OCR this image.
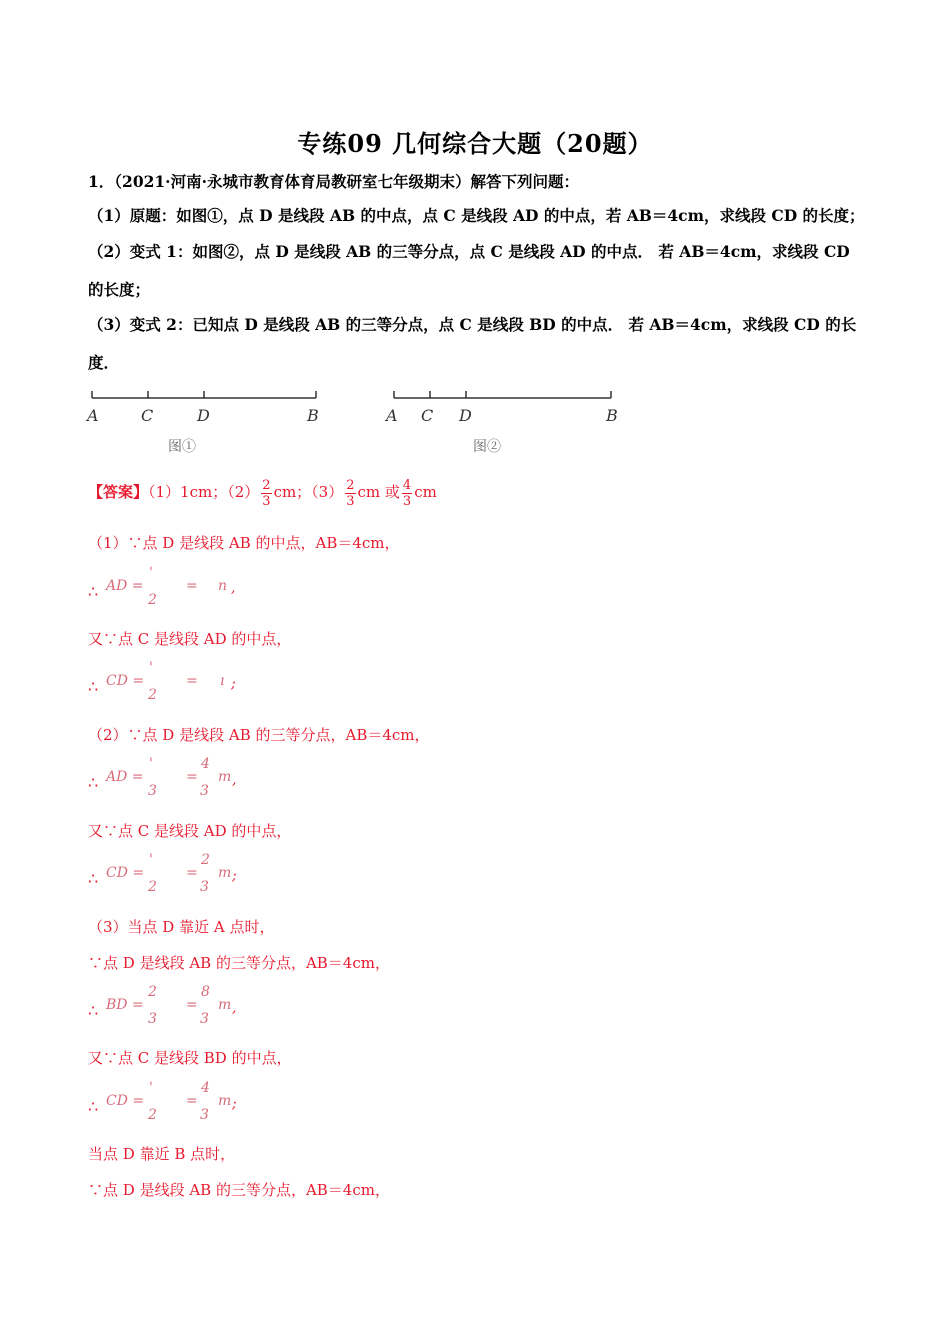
专练09 几何综合大题（20题）
1．（2021·河南·永城市教育体育局教研室七年级期末）解答下列问题：
（1）原题：如图①，点 D 是线段 AB 的中点，点 C 是线段 AD 的中点，若 AB＝4cm，求线段 CD 的长度；
（2）变式 1：如图②，点 D 是线段 AB 的三等分点，点 C 是线段 AD 的中点． 若 AB＝4cm，求线段 CD
的长度；
（3）变式 2：已知点 D 是线段 AB 的三等分点，点 C 是线段 BD 的中点． 若 AB＝4cm，求线段 CD 的长
度．
A	C	D	B
图①
A C D	B
图②
【答案】（1）1cm；$(2) \frac{2}{3}$ cm；$(3) \frac{2}{3}$ cm 或 $\frac{4}{3}$ cm
（1）∵点 D 是线段 AB 的中点，AB＝4cm，
∴ AD =
'
2
= n ,
又∵点 C 是线段 AD 的中点，
∴ CD =
'
2
= ı ;
（2）∵点 D 是线段 AB 的三等分点，AB＝4cm，
∴ AD =
'
3
=
4
3
m ,
又∵点 C 是线段 AD 的中点，
∴ CD =
'
2
=
2
3
m ;
（3）当点 D 靠近 A 点时，
∵点 D 是线段 AB 的三等分点，AB＝4cm，
∴ BD =
2
3
=
8
3
m ,
又∵点 C 是线段 BD 的中点，
∴ CD =
'
2
=
4
3
m ;
当点 D 靠近 B 点时，
∵点 D 是线段 AB 的三等分点，AB＝4cm，
